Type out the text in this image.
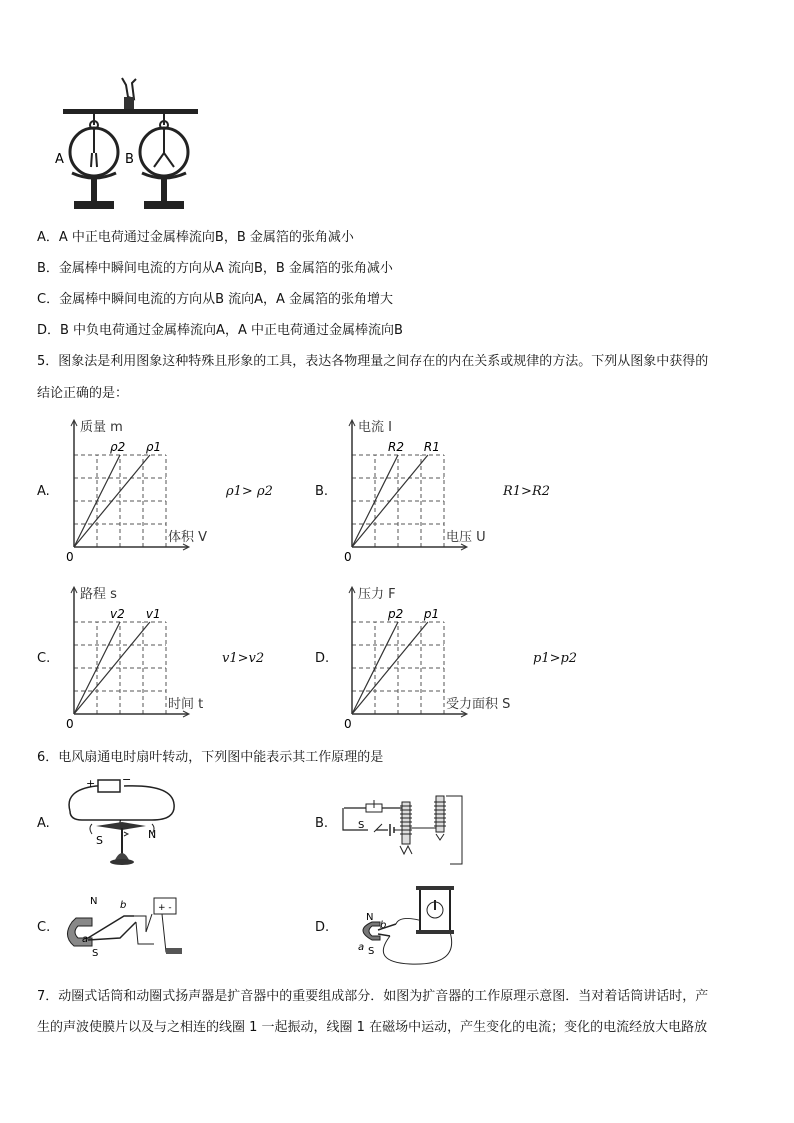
A	B
A．A 中正电荷通过金属棒流向B，B 金属箔的张角减小
B．金属棒中瞬间电流的方向从A 流向B，B 金属箔的张角减小
C．金属棒中瞬间电流的方向从B 流向A，A 金属箔的张角增大
D．B 中负电荷通过金属棒流向A，A 中正电荷通过金属棒流向B
5．图象法是利用图象这种特殊且形象的工具，表达各物理量之间存在的内在关系或规律的方法。下列从图象中获得的
结论正确的是：
A.	B.
C.	D.
ρ2 ρ1
质量 m
体积 V
0
R2 R1
电流 I
电压 U
0
v2 v1
路程 s
时间 t
0
p2 p1
压力 F
受力面积 S
0
ρ1> ρ2	R1>R2
v1>v2	p1>p2
6．电风扇通电时扇叶转动，下列图中能表示其工作原理的是
A.	B.
C.	D.
+ −
S	N
S
N
S
a
b	+ -
N
S
a
b
7．动圈式话筒和动圈式扬声器是扩音器中的重要组成部分．如图为扩音器的工作原理示意图．当对着话筒讲话时，产
生的声波使膜片以及与之相连的线圈 1 一起振动，线圈 1 在磁场中运动，产生变化的电流；变化的电流经放大电路放
